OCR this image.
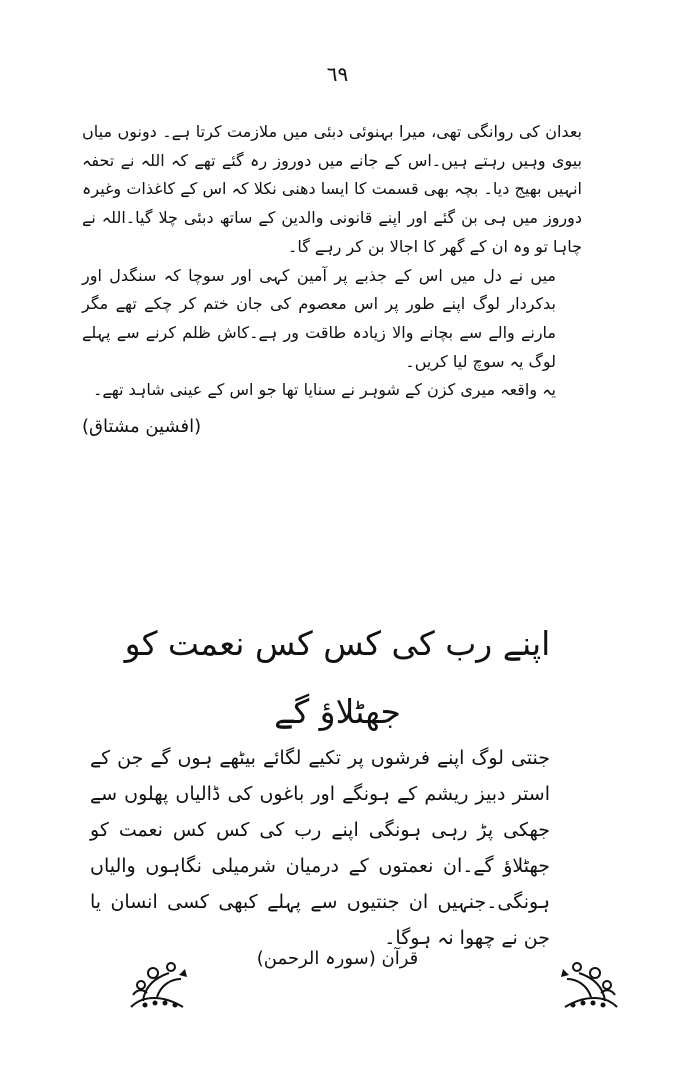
٦٩

بعدان کی روانگی تھی، میرا بہنوئی دبئی میں ملازمت کرتا ہے۔ دونوں میاں بیوی وہیں رہتے ہیں۔اس کے جانے میں دوروز رہ گئے تھے کہ اللہ نے تحفہ انہیں بھیج دیا۔ بچہ بھی قسمت کا ایسا دھنی نکلا کہ اس کے کاغذات وغیرہ دوروز میں ہی بن گئے اور اپنے قانونی والدین کے ساتھ دبئی چلا گیا۔اللہ نے چاہا تو وہ ان کے گھر کا اجالا بن کر رہے گا۔

میں نے دل میں اس کے جذبے پر آمین کہی اور سوچا کہ سنگدل اور بدکردار لوگ اپنے طور پر اس معصوم کی جان ختم کر چکے تھے مگر مارنے والے سے بچانے والا زیادہ طاقت ور ہے۔کاش ظلم کرنے سے پہلے لوگ یہ سوچ لیا کریں۔

یہ واقعہ میری کزن کے شوہر نے سنایا تھا جو اس کے عینی شاہد تھے۔

(افشین مشتاق)
اپنے رب کی کس کس نعمت کو
جھٹلاؤ گے

جنتی لوگ اپنے فرشوں پر تکیے لگائے بیٹھے ہوں گے جن کے استر دبیز ریشم کے ہونگے اور باغوں کی ڈالیاں پھلوں سے جھکی پڑ رہی ہونگی اپنے رب کی کس کس نعمت کو جھٹلاؤ گے۔ان نعمتوں کے درمیان شرمیلی نگاہوں والیاں ہونگی۔جنہیں ان جنتیوں سے پہلے کبھی کسی انسان یا جن نے چھوا نہ ہوگا۔

قرآن (سورہ الرحمن)
